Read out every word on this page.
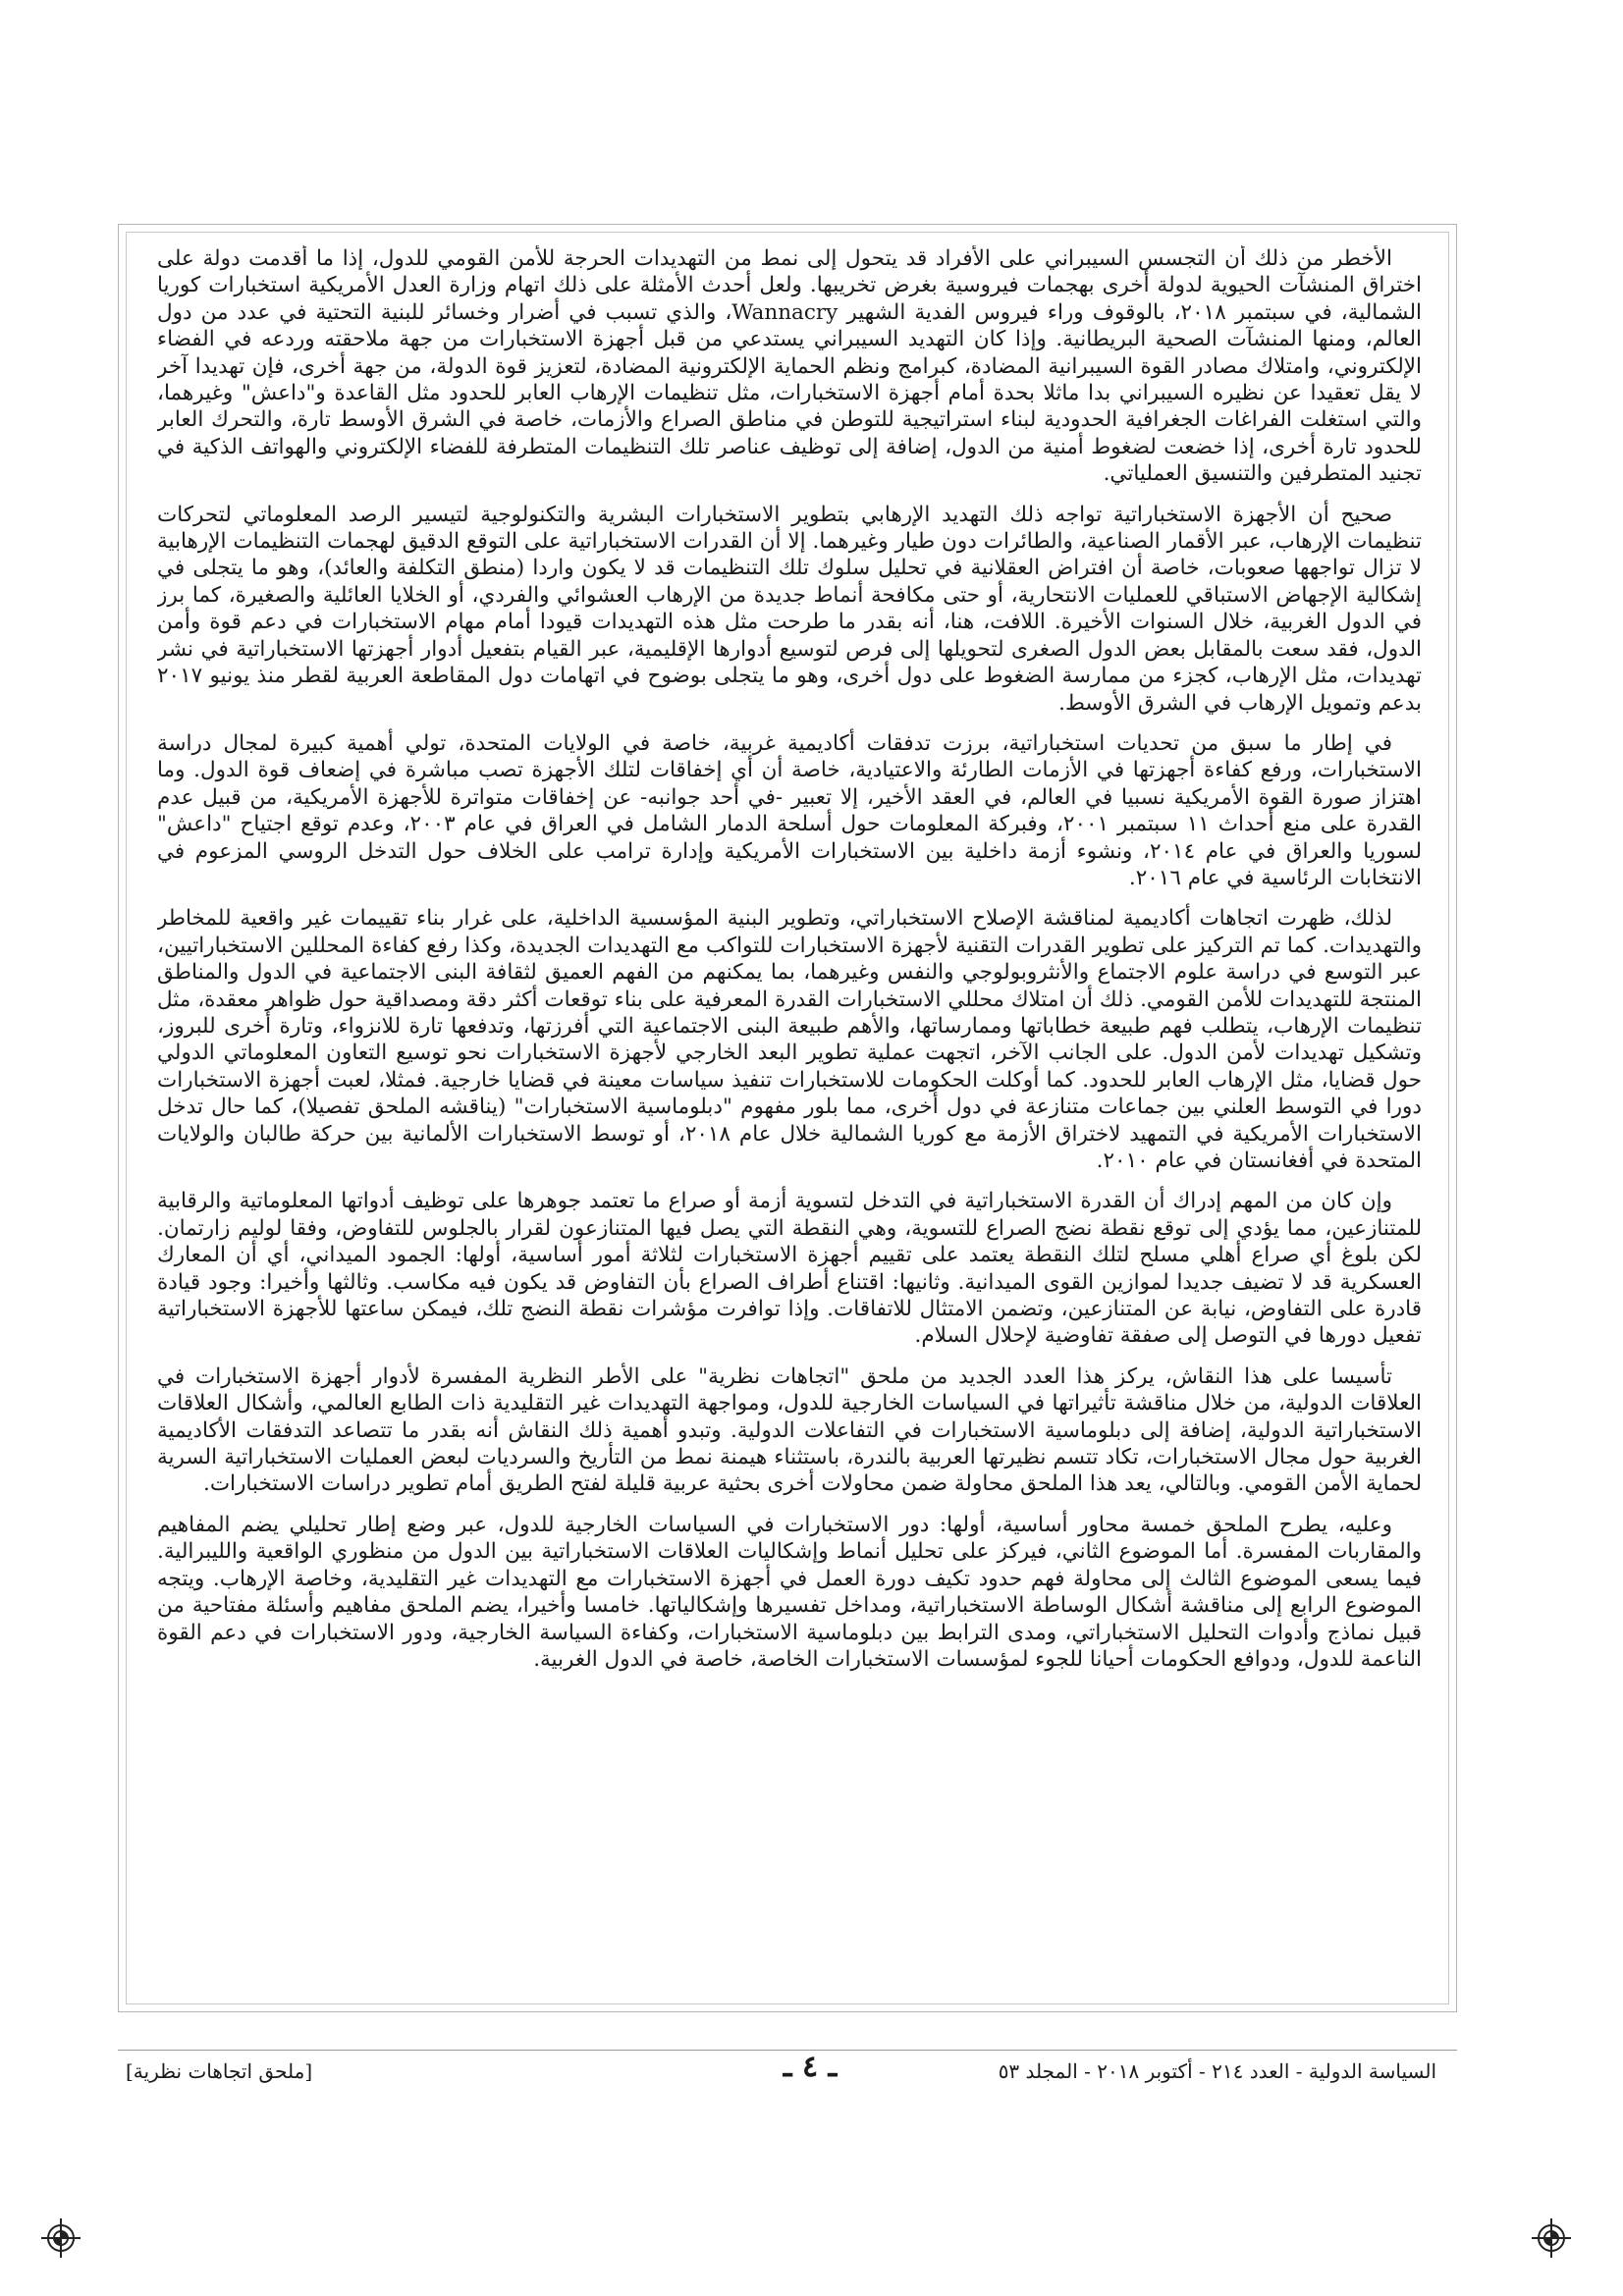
الأخطر من ذلك أن التجسس السيبراني على الأفراد قد يتحول إلى نمط من التهديدات الحرجة للأمن القومي للدول، إذا ما أقدمت دولة على اختراق المنشآت الحيوية لدولة أخرى بهجمات فيروسية بغرض تخريبها. ولعل أحدث الأمثلة على ذلك اتهام وزارة العدل الأمريكية استخبارات كوريا الشمالية، في سبتمبر ٢٠١٨، بالوقوف وراء فيروس الفدية الشهير Wannacry، والذي تسبب في أضرار وخسائر للبنية التحتية في عدد من دول العالم، ومنها المنشآت الصحية البريطانية. وإذا كان التهديد السيبراني يستدعي من قبل أجهزة الاستخبارات من جهة ملاحقته وردعه في الفضاء الإلكتروني، وامتلاك مصادر القوة السيبرانية المضادة، كبرامج ونظم الحماية الإلكترونية المضادة، لتعزيز قوة الدولة، من جهة أخرى، فإن تهديدا آخر لا يقل تعقيدا عن نظيره السيبراني بدا ماثلا بحدة أمام أجهزة الاستخبارات، مثل تنظيمات الإرهاب العابر للحدود مثل القاعدة و"داعش" وغيرهما، والتي استغلت الفراغات الجغرافية الحدودية لبناء استراتيجية للتوطن في مناطق الصراع والأزمات، خاصة في الشرق الأوسط تارة، والتحرك العابر للحدود تارة أخرى، إذا خضعت لضغوط أمنية من الدول، إضافة إلى توظيف عناصر تلك التنظيمات المتطرفة للفضاء الإلكتروني والهواتف الذكية في تجنيد المتطرفين والتنسيق العملياتي.

صحيح أن الأجهزة الاستخباراتية تواجه ذلك التهديد الإرهابي بتطوير الاستخبارات البشرية والتكنولوجية لتيسير الرصد المعلوماتي لتحركات تنظيمات الإرهاب، عبر الأقمار الصناعية، والطائرات دون طيار وغيرهما. إلا أن القدرات الاستخباراتية على التوقع الدقيق لهجمات التنظيمات الإرهابية لا تزال تواجهها صعوبات، خاصة أن افتراض العقلانية في تحليل سلوك تلك التنظيمات قد لا يكون واردا (منطق التكلفة والعائد)، وهو ما يتجلى في إشكالية الإجهاض الاستباقي للعمليات الانتحارية، أو حتى مكافحة أنماط جديدة من الإرهاب العشوائي والفردي، أو الخلايا العائلية والصغيرة، كما برز في الدول الغربية، خلال السنوات الأخيرة. اللافت، هنا، أنه بقدر ما طرحت مثل هذه التهديدات قيودا أمام مهام الاستخبارات في دعم قوة وأمن الدول، فقد سعت بالمقابل بعض الدول الصغرى لتحويلها إلى فرص لتوسيع أدوارها الإقليمية، عبر القيام بتفعيل أدوار أجهزتها الاستخباراتية في نشر تهديدات، مثل الإرهاب، كجزء من ممارسة الضغوط على دول أخرى، وهو ما يتجلى بوضوح في اتهامات دول المقاطعة العربية لقطر منذ يونيو ٢٠١٧ بدعم وتمويل الإرهاب في الشرق الأوسط.

في إطار ما سبق من تحديات استخباراتية، برزت تدفقات أكاديمية غربية، خاصة في الولايات المتحدة، تولي أهمية كبيرة لمجال دراسة الاستخبارات، ورفع كفاءة أجهزتها في الأزمات الطارئة والاعتيادية، خاصة أن أي إخفاقات لتلك الأجهزة تصب مباشرة في إضعاف قوة الدول. وما اهتزاز صورة القوة الأمريكية نسبيا في العالم، في العقد الأخير، إلا تعبير -في أحد جوانبه- عن إخفاقات متواترة للأجهزة الأمريكية، من قبيل عدم القدرة على منع أحداث ١١ سبتمبر ٢٠٠١، وفبركة المعلومات حول أسلحة الدمار الشامل في العراق في عام ٢٠٠٣، وعدم توقع اجتياح "داعش" لسوريا والعراق في عام ٢٠١٤، ونشوء أزمة داخلية بين الاستخبارات الأمريكية وإدارة ترامب على الخلاف حول التدخل الروسي المزعوم في الانتخابات الرئاسية في عام ٢٠١٦.

لذلك، ظهرت اتجاهات أكاديمية لمناقشة الإصلاح الاستخباراتي، وتطوير البنية المؤسسية الداخلية، على غرار بناء تقييمات غير واقعية للمخاطر والتهديدات. كما تم التركيز على تطوير القدرات التقنية لأجهزة الاستخبارات للتواكب مع التهديدات الجديدة، وكذا رفع كفاءة المحللين الاستخباراتيين، عبر التوسع في دراسة علوم الاجتماع والأنثروبولوجي والنفس وغيرهما، بما يمكنهم من الفهم العميق لثقافة البنى الاجتماعية في الدول والمناطق المنتجة للتهديدات للأمن القومي. ذلك أن امتلاك محللي الاستخبارات القدرة المعرفية على بناء توقعات أكثر دقة ومصداقية حول ظواهر معقدة، مثل تنظيمات الإرهاب، يتطلب فهم طبيعة خطاباتها وممارساتها، والأهم طبيعة البنى الاجتماعية التي أفرزتها، وتدفعها تارة للانزواء، وتارة أخرى للبروز، وتشكيل تهديدات لأمن الدول. على الجانب الآخر، اتجهت عملية تطوير البعد الخارجي لأجهزة الاستخبارات نحو توسيع التعاون المعلوماتي الدولي حول قضايا، مثل الإرهاب العابر للحدود. كما أوكلت الحكومات للاستخبارات تنفيذ سياسات معينة في قضايا خارجية. فمثلا، لعبت أجهزة الاستخبارات دورا في التوسط العلني بين جماعات متنازعة في دول أخرى، مما بلور مفهوم "دبلوماسية الاستخبارات" (يناقشه الملحق تفصيلا)، كما حال تدخل الاستخبارات الأمريكية في التمهيد لاختراق الأزمة مع كوريا الشمالية خلال عام ٢٠١٨، أو توسط الاستخبارات الألمانية بين حركة طالبان والولايات المتحدة في أفغانستان في عام ٢٠١٠.

وإن كان من المهم إدراك أن القدرة الاستخباراتية في التدخل لتسوية أزمة أو صراع ما تعتمد جوهرها على توظيف أدواتها المعلوماتية والرقابية للمتنازعين، مما يؤدي إلى توقع نقطة نضج الصراع للتسوية، وهي النقطة التي يصل فيها المتنازعون لقرار بالجلوس للتفاوض، وفقا لوليم زارتمان. لكن بلوغ أي صراع أهلي مسلح لتلك النقطة يعتمد على تقييم أجهزة الاستخبارات لثلاثة أمور أساسية، أولها: الجمود الميداني، أي أن المعارك العسكرية قد لا تضيف جديدا لموازين القوى الميدانية. وثانيها: اقتناع أطراف الصراع بأن التفاوض قد يكون فيه مكاسب. وثالثها وأخيرا: وجود قيادة قادرة على التفاوض، نيابة عن المتنازعين، وتضمن الامتثال للاتفاقات. وإذا توافرت مؤشرات نقطة النضج تلك، فيمكن ساعتها للأجهزة الاستخباراتية تفعيل دورها في التوصل إلى صفقة تفاوضية لإحلال السلام.

تأسيسا على هذا النقاش، يركز هذا العدد الجديد من ملحق "اتجاهات نظرية" على الأطر النظرية المفسرة لأدوار أجهزة الاستخبارات في العلاقات الدولية، من خلال مناقشة تأثيراتها في السياسات الخارجية للدول، ومواجهة التهديدات غير التقليدية ذات الطابع العالمي، وأشكال العلاقات الاستخباراتية الدولية، إضافة إلى دبلوماسية الاستخبارات في التفاعلات الدولية. وتبدو أهمية ذلك النقاش أنه بقدر ما تتصاعد التدفقات الأكاديمية الغربية حول مجال الاستخبارات، تكاد تتسم نظيرتها العربية بالندرة، باستثناء هيمنة نمط من التأريخ والسرديات لبعض العمليات الاستخباراتية السرية لحماية الأمن القومي. وبالتالي، يعد هذا الملحق محاولة ضمن محاولات أخرى بحثية عربية قليلة لفتح الطريق أمام تطوير دراسات الاستخبارات.

وعليه، يطرح الملحق خمسة محاور أساسية، أولها: دور الاستخبارات في السياسات الخارجية للدول، عبر وضع إطار تحليلي يضم المفاهيم والمقاربات المفسرة. أما الموضوع الثاني، فيركز على تحليل أنماط وإشكاليات العلاقات الاستخباراتية بين الدول من منظوري الواقعية والليبرالية. فيما يسعى الموضوع الثالث إلى محاولة فهم حدود تكيف دورة العمل في أجهزة الاستخبارات مع التهديدات غير التقليدية، وخاصة الإرهاب. ويتجه الموضوع الرابع إلى مناقشة أشكال الوساطة الاستخباراتية، ومداخل تفسيرها وإشكالياتها. خامسا وأخيرا، يضم الملحق مفاهيم وأسئلة مفتاحية من قبيل نماذج وأدوات التحليل الاستخباراتي، ومدى الترابط بين دبلوماسية الاستخبارات، وكفاءة السياسة الخارجية، ودور الاستخبارات في دعم القوة الناعمة للدول، ودوافع الحكومات أحيانا للجوء لمؤسسات الاستخبارات الخاصة، خاصة في الدول الغربية.

السياسة الدولية - العدد ٢١٤ - أكتوبر ٢٠١٨ - المجلد ٥٣
ـ ٤ ـ
[ملحق اتجاهات نظرية]
